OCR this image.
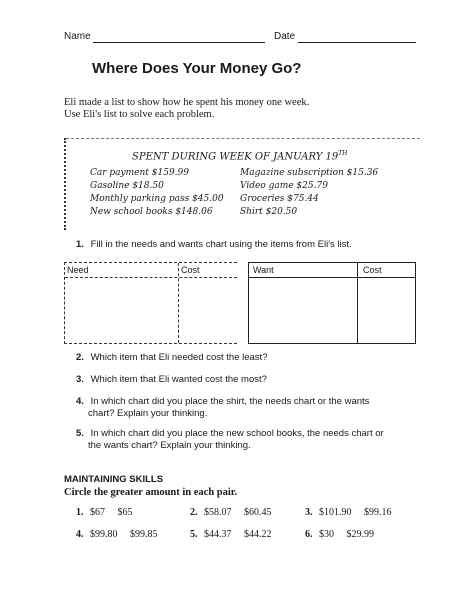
Name	Date
Where Does Your Money Go?
Eli made a list to show how he spent his money one week.
Use Eli's list to solve each problem.
SPENT DURING WEEK OF JANUARY 19TH
Car payment $159.99
Gasoline $18.50
Monthly parking pass $45.00
New school books $148.06
Magazine subscription $15.36
Video game $25.79
Groceries $75.44
Shirt $20.50
1. Fill in the needs and wants chart using the items from Eli's list.
Need	Cost	Want	Cost
2. Which item that Eli needed cost the least?
3. Which item that Eli wanted cost the most?
4. In which chart did you place the shirt, the needs chart or the wants
chart? Explain your thinking.
5. In which chart did you place the new school books, the needs chart or
the wants chart? Explain your thinking.
MAINTAINING SKILLS
Circle the greater amount in each pair.
1. $67 $65	2. $58.07 $60.45	3. $101.90 $99.16
4. $99.80 $99.85	5. $44.37 $44.22	6. $30 $29.99
